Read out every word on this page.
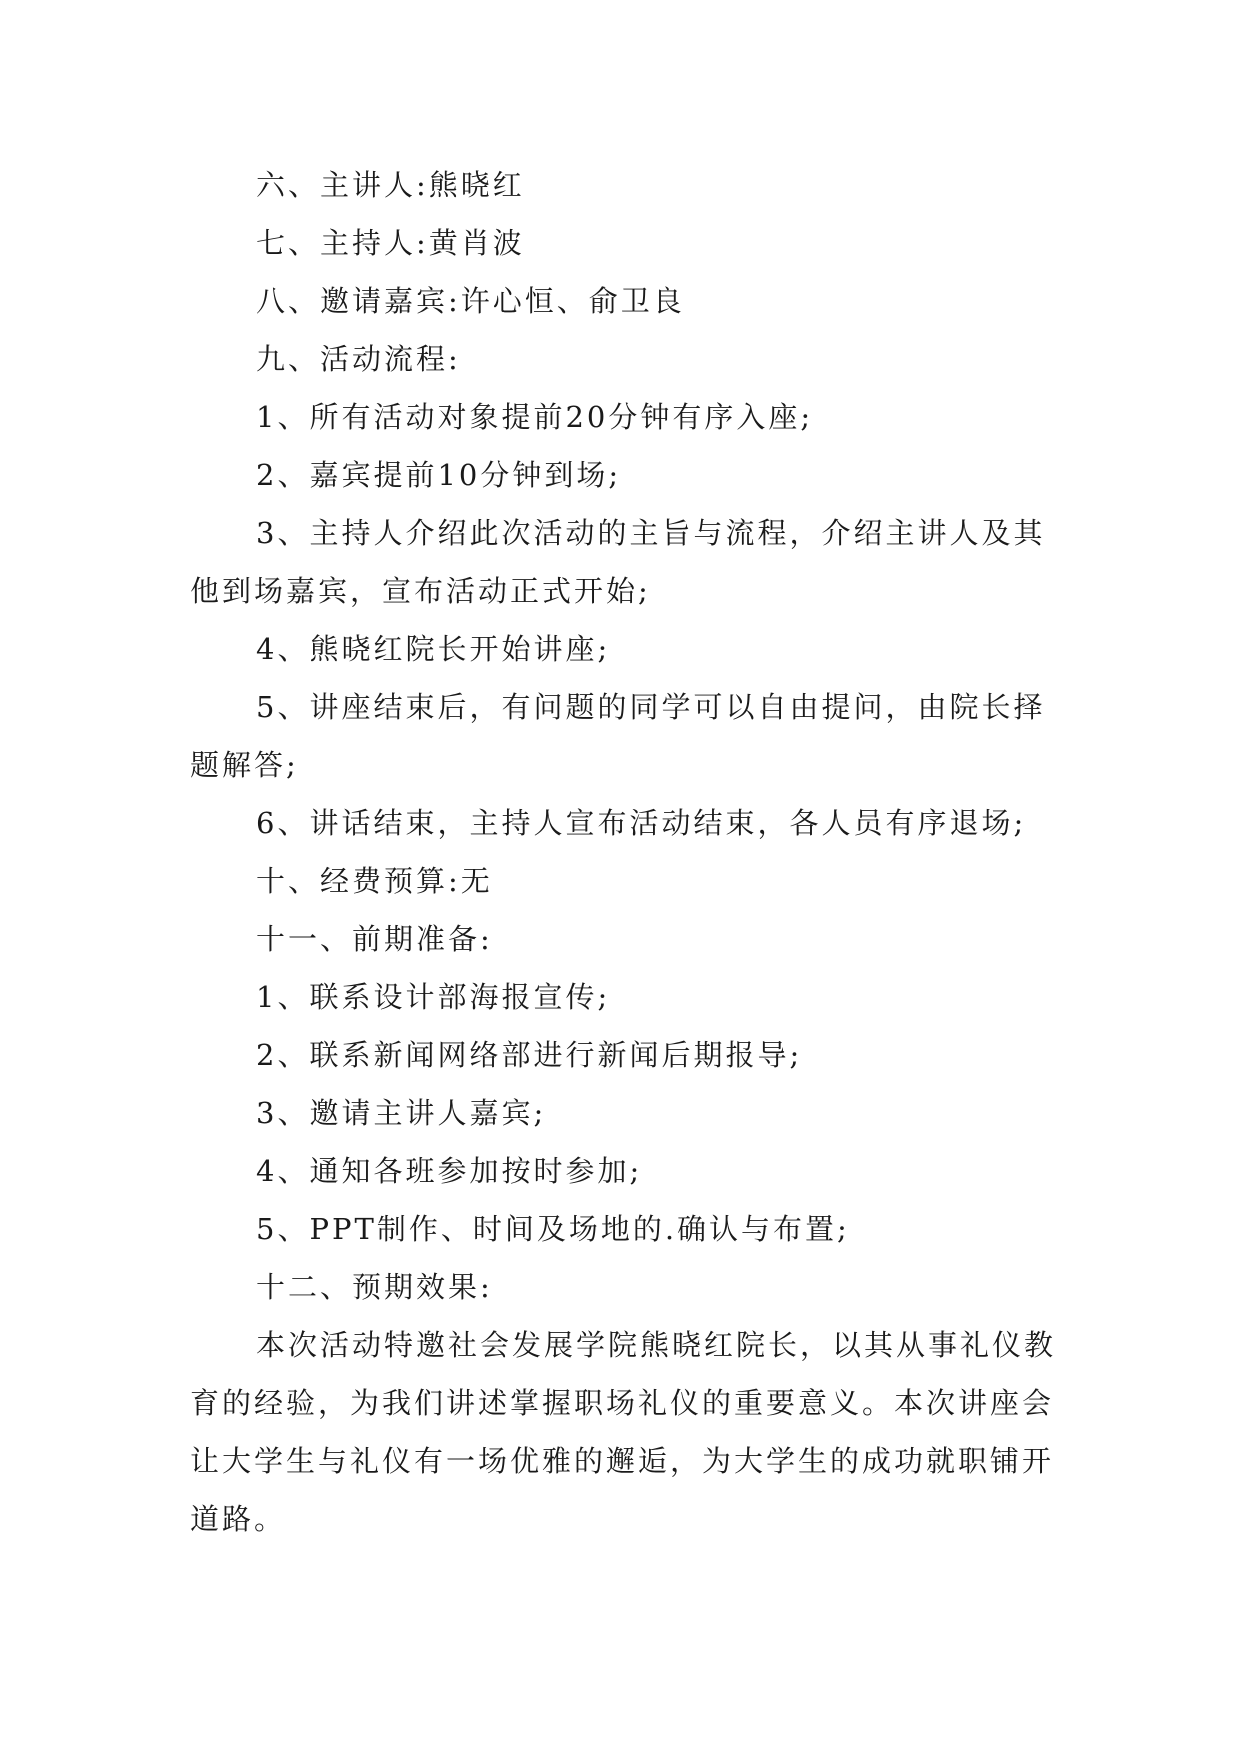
六、主讲人:熊晓红

七、主持人:黄肖波

八、邀请嘉宾:许心恒、俞卫良

九、活动流程:

1、所有活动对象提前20分钟有序入座;

2、嘉宾提前10分钟到场;

3、主持人介绍此次活动的主旨与流程，介绍主讲人及其他到场嘉宾，宣布活动正式开始;

4、熊晓红院长开始讲座;

5、讲座结束后，有问题的同学可以自由提问，由院长择题解答;

6、讲话结束，主持人宣布活动结束，各人员有序退场;

十、经费预算:无

十一、前期准备:

1、联系设计部海报宣传;

2、联系新闻网络部进行新闻后期报导;

3、邀请主讲人嘉宾;

4、通知各班参加按时参加;

5、PPT制作、时间及场地的.确认与布置;

十二、预期效果:

本次活动特邀社会发展学院熊晓红院长，以其从事礼仪教育的经验，为我们讲述掌握职场礼仪的重要意义。本次讲座会让大学生与礼仪有一场优雅的邂逅，为大学生的成功就职铺开道路。
